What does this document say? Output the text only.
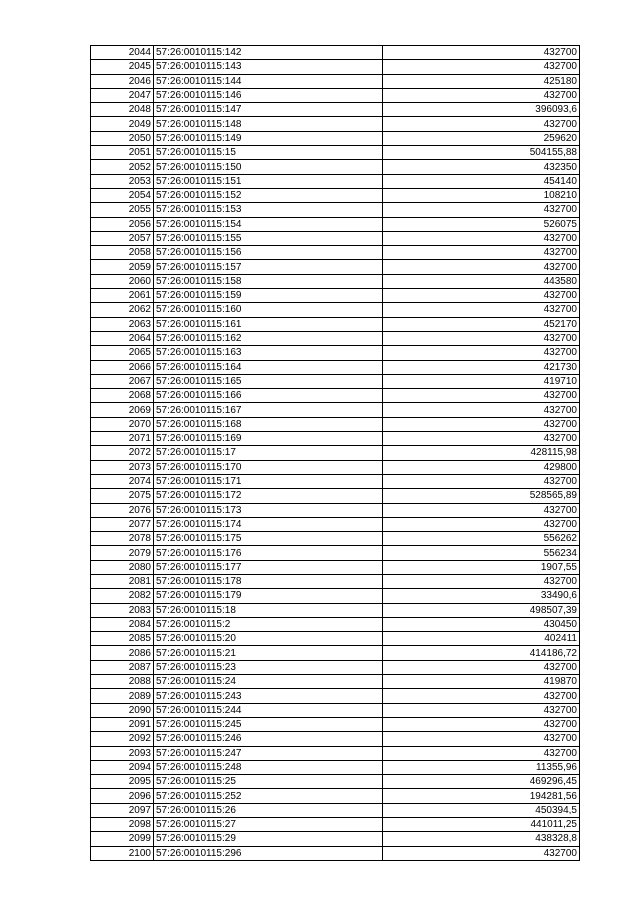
2044	57:26:0010115:142	432700
2045	57:26:0010115:143	432700
2046	57:26:0010115:144	425180
2047	57:26:0010115:146	432700
2048	57:26:0010115:147	396093,6
2049	57:26:0010115:148	432700
2050	57:26:0010115:149	259620
2051	57:26:0010115:15	504155,88
2052	57:26:0010115:150	432350
2053	57:26:0010115:151	454140
2054	57:26:0010115:152	108210
2055	57:26:0010115:153	432700
2056	57:26:0010115:154	526075
2057	57:26:0010115:155	432700
2058	57:26:0010115:156	432700
2059	57:26:0010115:157	432700
2060	57:26:0010115:158	443580
2061	57:26:0010115:159	432700
2062	57:26:0010115:160	432700
2063	57:26:0010115:161	452170
2064	57:26:0010115:162	432700
2065	57:26:0010115:163	432700
2066	57:26:0010115:164	421730
2067	57:26:0010115:165	419710
2068	57:26:0010115:166	432700
2069	57:26:0010115:167	432700
2070	57:26:0010115:168	432700
2071	57:26:0010115:169	432700
2072	57:26:0010115:17	428115,98
2073	57:26:0010115:170	429800
2074	57:26:0010115:171	432700
2075	57:26:0010115:172	528565,89
2076	57:26:0010115:173	432700
2077	57:26:0010115:174	432700
2078	57:26:0010115:175	556262
2079	57:26:0010115:176	556234
2080	57:26:0010115:177	1907,55
2081	57:26:0010115:178	432700
2082	57:26:0010115:179	33490,6
2083	57:26:0010115:18	498507,39
2084	57:26:0010115:2	430450
2085	57:26:0010115:20	402411
2086	57:26:0010115:21	414186,72
2087	57:26:0010115:23	432700
2088	57:26:0010115:24	419870
2089	57:26:0010115:243	432700
2090	57:26:0010115:244	432700
2091	57:26:0010115:245	432700
2092	57:26:0010115:246	432700
2093	57:26:0010115:247	432700
2094	57:26:0010115:248	11355,96
2095	57:26:0010115:25	469296,45
2096	57:26:0010115:252	194281,56
2097	57:26:0010115:26	450394,5
2098	57:26:0010115:27	441011,25
2099	57:26:0010115:29	438328,8
2100	57:26:0010115:296	432700
